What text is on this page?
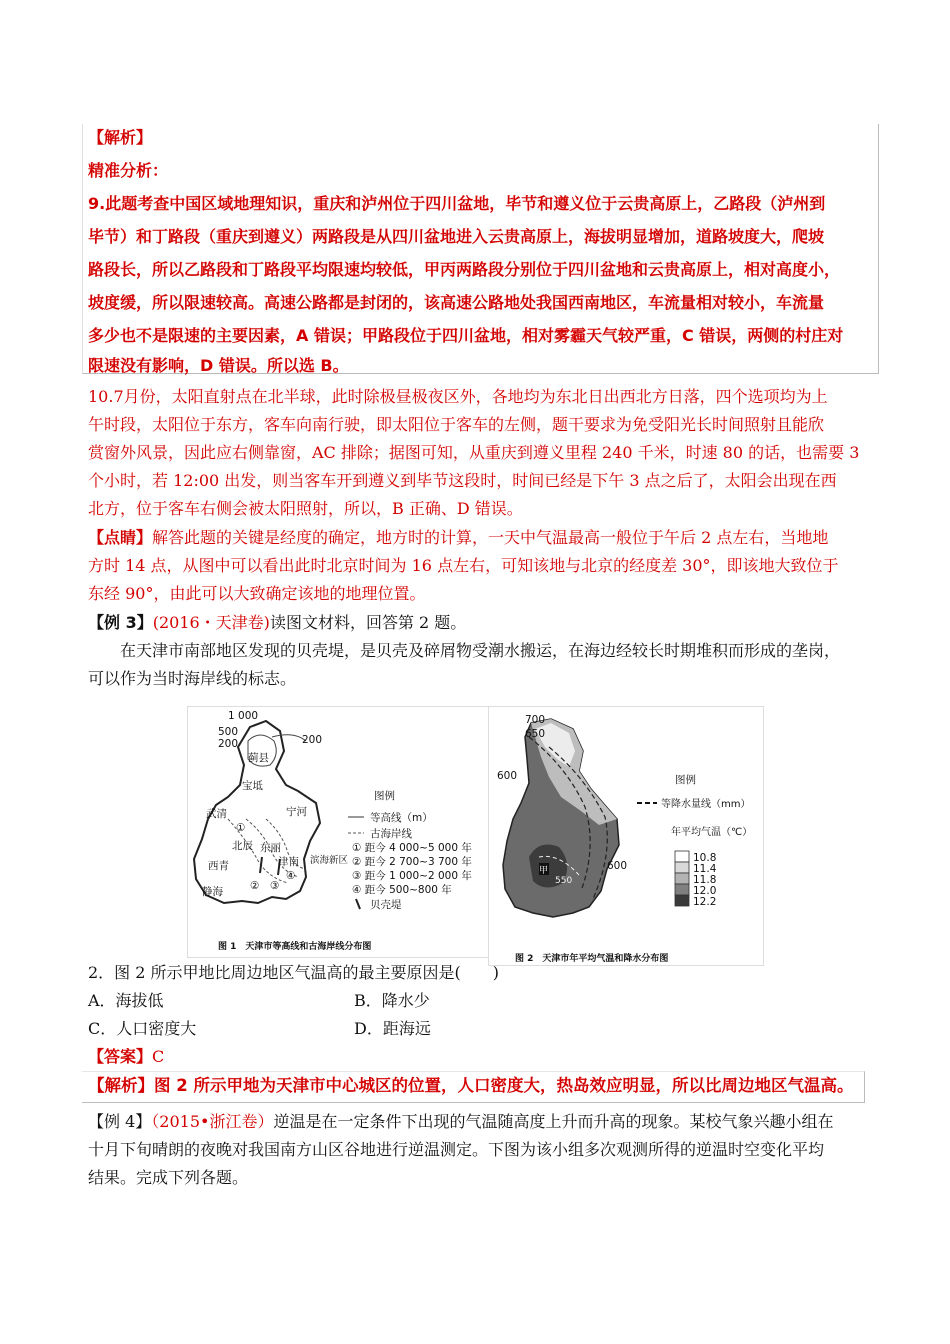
【解析】
精准分析：
9.此题考查中国区域地理知识，重庆和泸州位于四川盆地，毕节和遵义位于云贵高原上，乙路段（泸州到
毕节）和丁路段（重庆到遵义）两路段是从四川盆地进入云贵高原上，海拔明显增加，道路坡度大，爬坡
路段长，所以乙路段和丁路段平均限速均较低，甲丙两路段分别位于四川盆地和云贵高原上，相对高度小，
坡度缓，所以限速较高。高速公路都是封闭的，该高速公路地处我国西南地区，车流量相对较小，车流量
多少也不是限速的主要因素，A 错误；甲路段位于四川盆地，相对雾霾天气较严重，C 错误，两侧的村庄对
限速没有影响，D 错误。所以选 B。
10.7月份，太阳直射点在北半球，此时除极昼极夜区外，各地均为东北日出西北方日落，四个选项均为上
午时段，太阳位于东方，客车向南行驶，即太阳位于客车的左侧，题干要求为免受阳光长时间照射且能欣
赏窗外风景，因此应右侧靠窗，AC 排除；据图可知，从重庆到遵义里程 240 千米，时速 80 的话，也需要 3
个小时，若 12:00 出发，则当客车开到遵义到毕节这段时，时间已经是下午 3 点之后了，太阳会出现在西
北方，位于客车右侧会被太阳照射，所以，B 正确、D 错误。
【点睛】解答此题的关键是经度的确定，地方时的计算，一天中气温最高一般位于午后 2 点左右，当地地
方时 14 点，从图中可以看出此时北京时间为 16 点左右，可知该地与北京的经度差 30°，即该地大致位于
东经 90°，由此可以大致确定该地的地理位置。
【例 3】(2016・天津卷)读图文材料，回答第 2 题。
在天津市南部地区发现的贝壳堤，是贝壳及碎屑物受潮水搬运，在海边经较长时期堆积而形成的垄岗，
可以作为当时海岸线的标志。
1 000
500
200	200
蓟县
宝坻
宁河
武清
北辰 东丽
津南 滨海新区
西青
静海
①
② ③
④
图例
等高线（m）
古海岸线
① 距今 4 000~5 000 年
② 距今 2 700~3 700 年
③ 距今 1 000~2 000 年
④ 距今 500~800 年
贝壳堤
图 1　天津市等高线和古海岸线分布图
700
650
600
600
550
甲
图例
等降水量线（mm）
年平均气温（℃）
10.8
11.4
11.8
12.0
12.2
图 2　天津市年平均气温和降水分布图
2．图 2 所示甲地比周边地区气温高的最主要原因是(　　)
A．海拔低	B．降水少
C．人口密度大	D．距海远
【答案】C
【解析】图 2 所示甲地为天津市中心城区的位置，人口密度大，热岛效应明显，所以比周边地区气温高。
【例 4】（2015•浙江卷）逆温是在一定条件下出现的气温随高度上升而升高的现象。某校气象兴趣小组在
十月下旬晴朗的夜晚对我国南方山区谷地进行逆温测定。下图为该小组多次观测所得的逆温时空变化平均
结果。完成下列各题。
